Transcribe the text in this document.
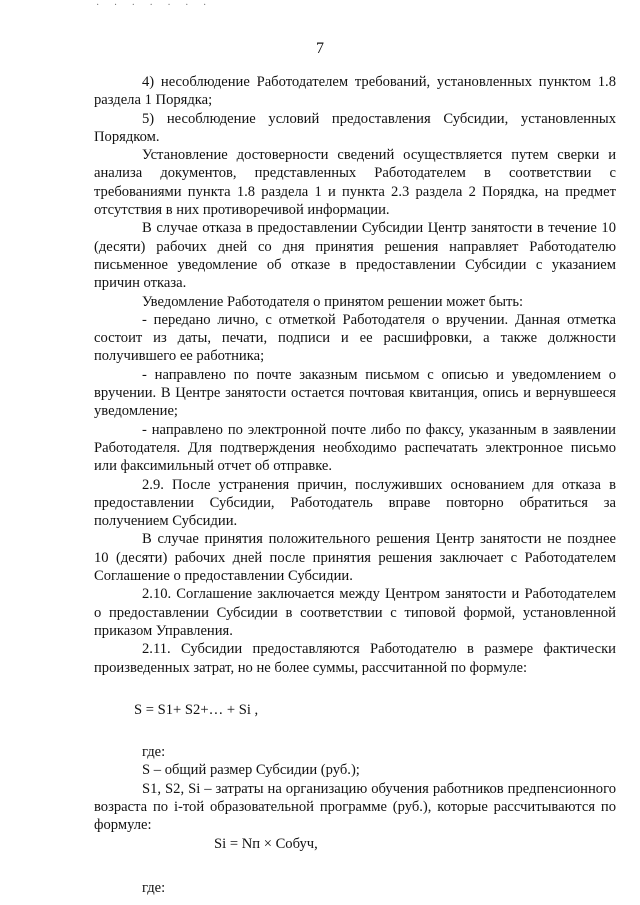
· · · · · · ·
7

4) несоблюдение Работодателем требований, установленных пунктом 1.8 раздела 1 Порядка;

5) несоблюдение условий предоставления Субсидии, установленных Порядком.

Установление достоверности сведений осуществляется путем сверки и анализа документов, представленных Работодателем в соответствии с требованиями пункта 1.8 раздела 1 и пункта 2.3 раздела 2 Порядка, на предмет отсутствия в них противоречивой информации.

В случае отказа в предоставлении Субсидии Центр занятости в течение 10 (десяти) рабочих дней со дня принятия решения направляет Работодателю письменное уведомление об отказе в предоставлении Субсидии с указанием причин отказа.

Уведомление Работодателя о принятом решении может быть:

- передано лично, с отметкой Работодателя о вручении. Данная отметка состоит из даты, печати, подписи и ее расшифровки, а также должности получившего ее работника;

- направлено по почте заказным письмом с описью и уведомлением о вручении. В Центре занятости остается почтовая квитанция, опись и вернувшееся уведомление;

- направлено по электронной почте либо по факсу, указанным в заявлении Работодателя. Для подтверждения необходимо распечатать электронное письмо или факсимильный отчет об отправке.

2.9. После устранения причин, послуживших основанием для отказа в предоставлении Субсидии, Работодатель вправе повторно обратиться за получением Субсидии.

В случае принятия положительного решения Центр занятости не позднее 10 (десяти) рабочих дней после принятия решения заключает с Работодателем Соглашение о предоставлении Субсидии.

2.10. Соглашение заключается между Центром занятости и Работодателем о предоставлении Субсидии в соответствии с типовой формой, установленной приказом Управления.

2.11. Субсидии предоставляются Работодателю в размере фактически произведенных затрат, но не более суммы, рассчитанной по формуле:

S = S1+ S2+… + Si ,

где:

S – общий размер Субсидии (руб.);

S1, S2, Si – затраты на организацию обучения работников предпенсионного возраста по i-той образовательной программе (руб.), которые рассчитываются по формуле:

Si = Nп × Собуч,

где:
